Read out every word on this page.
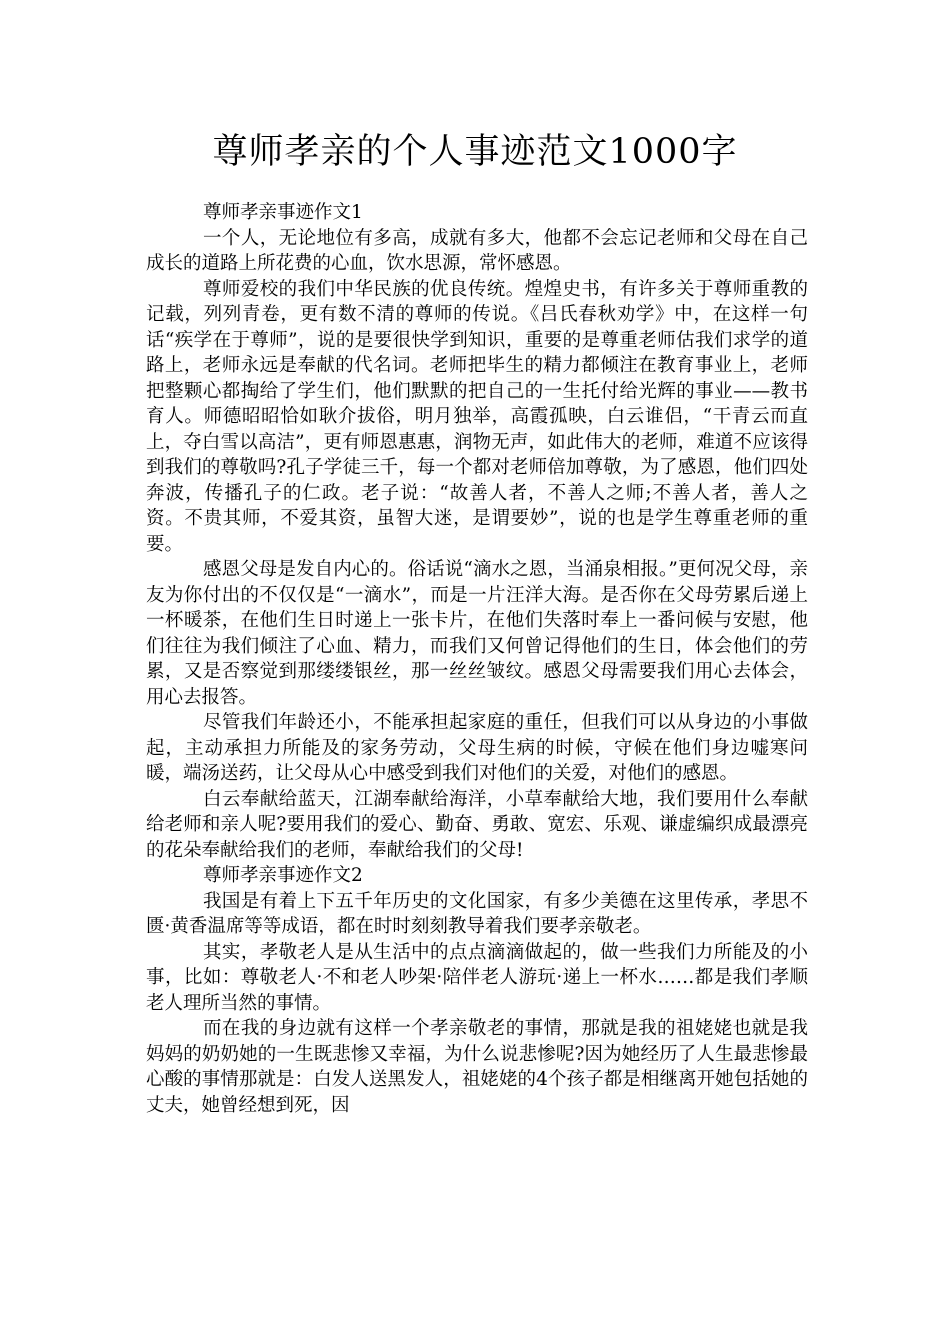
尊师孝亲的个人事迹范文1000字

尊师孝亲事迹作文1

一个人，无论地位有多高，成就有多大，他都不会忘记老师和父母在自己成长的道路上所花费的心血，饮水思源，常怀感恩。

尊师爱校的我们中华民族的优良传统。煌煌史书，有许多关于尊师重教的记载，列列青卷，更有数不清的尊师的传说。《吕氏春秋劝学》中，在这样一句话“疾学在于尊师”，说的是要很快学到知识，重要的是尊重老师估我们求学的道路上，老师永远是奉献的代名词。老师把毕生的精力都倾注在教育事业上，老师把整颗心都掏给了学生们，他们默默的把自己的一生托付给光辉的事业——教书育人。师德昭昭恰如耿介拔俗，明月独举，高霞孤映，白云谁侣，“干青云而直上，夺白雪以高洁”，更有师恩惠惠，润物无声，如此伟大的老师，难道不应该得到我们的尊敬吗?孔子学徒三千，每一个都对老师倍加尊敬，为了感恩，他们四处奔波，传播孔子的仁政。老子说：“故善人者，不善人之师;不善人者，善人之资。不贵其师，不爱其资，虽智大迷，是谓要妙”，说的也是学生尊重老师的重要。

感恩父母是发自内心的。俗话说“滴水之恩，当涌泉相报。”更何况父母，亲友为你付出的不仅仅是“一滴水”，而是一片汪洋大海。是否你在父母劳累后递上一杯暖茶，在他们生日时递上一张卡片，在他们失落时奉上一番问候与安慰，他们往往为我们倾注了心血、精力，而我们又何曾记得他们的生日，体会他们的劳累，又是否察觉到那缕缕银丝，那一丝丝皱纹。感恩父母需要我们用心去体会，用心去报答。

尽管我们年龄还小，不能承担起家庭的重任，但我们可以从身边的小事做起，主动承担力所能及的家务劳动，父母生病的时候，守候在他们身边嘘寒问暖，端汤送药，让父母从心中感受到我们对他们的关爱，对他们的感恩。

白云奉献给蓝天，江湖奉献给海洋，小草奉献给大地，我们要用什么奉献给老师和亲人呢?要用我们的爱心、勤奋、勇敢、宽宏、乐观、谦虚编织成最漂亮的花朵奉献给我们的老师，奉献给我们的父母!

尊师孝亲事迹作文2

我国是有着上下五千年历史的文化国家，有多少美德在这里传承，孝思不匮·黄香温席等等成语，都在时时刻刻教导着我们要孝亲敬老。

其实，孝敬老人是从生活中的点点滴滴做起的，做一些我们力所能及的小事，比如：尊敬老人·不和老人吵架·陪伴老人游玩·递上一杯水……都是我们孝顺老人理所当然的事情。

而在我的身边就有这样一个孝亲敬老的事情，那就是我的祖姥姥也就是我妈妈的奶奶她的一生既悲惨又幸福，为什么说悲惨呢?因为她经历了人生最悲惨最心酸的事情那就是：白发人送黑发人，祖姥姥的4个孩子都是相继离开她包括她的丈夫，她曾经想到死，因
